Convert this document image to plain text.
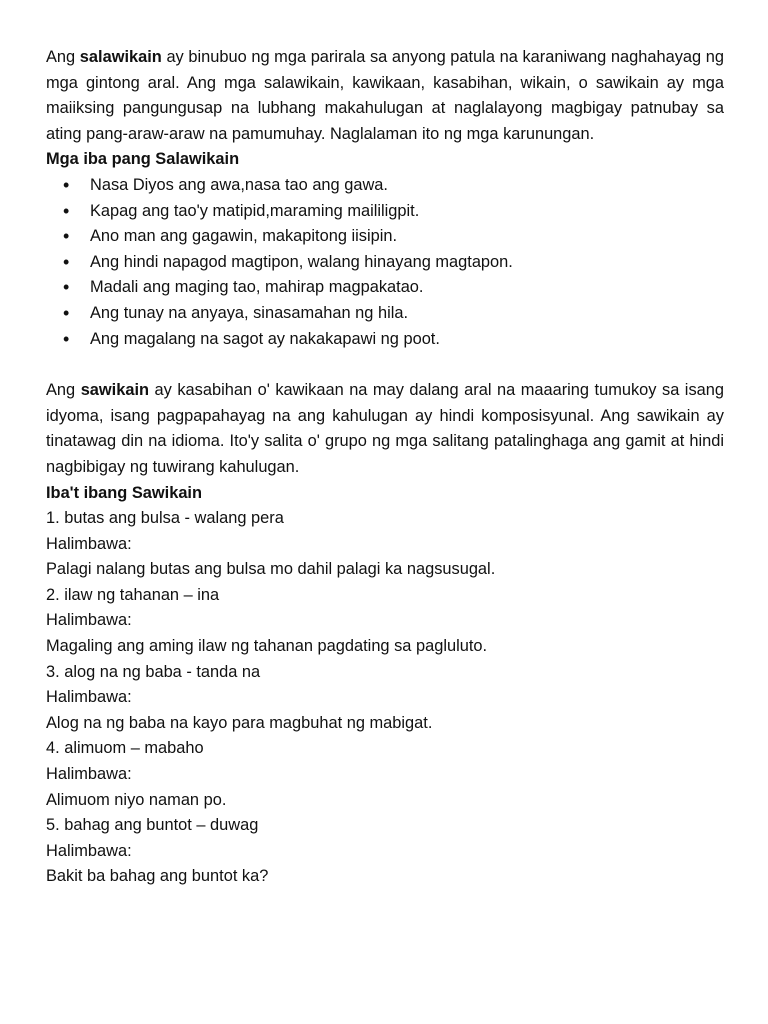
Ang salawikain ay binubuo ng mga parirala sa anyong patula na karaniwang naghahayag ng mga gintong aral. Ang mga salawikain, kawikaan, kasabihan, wikain, o sawikain ay mga maiiksing pangungusap na lubhang makahulugan at naglalayong magbigay patnubay sa ating pang-araw-araw na pamumuhay. Naglalaman ito ng mga karunungan.

Mga iba pang Salawikain

• Nasa Diyos ang awa,nasa tao ang gawa.
• Kapag ang tao'y matipid,maraming maililigpit.
• Ano man ang gagawin, makapitong iisipin.
• Ang hindi napagod magtipon, walang hinayang magtapon.
• Madali ang maging tao, mahirap magpakatao.
• Ang tunay na anyaya, sinasamahan ng hila.
• Ang magalang na sagot ay nakakapawi ng poot.

Ang sawikain ay kasabihan o' kawikaan na may dalang aral na maaaring tumukoy sa isang idyoma, isang pagpapahayag na ang kahulugan ay hindi komposisyunal. Ang sawikain ay tinatawag din na idioma. Ito'y salita o' grupo ng mga salitang patalinghaga ang gamit at hindi nagbibigay ng tuwirang kahulugan.

Iba't ibang Sawikain

1. butas ang bulsa - walang pera

Halimbawa:

Palagi nalang butas ang bulsa mo dahil palagi ka nagsusugal.

2. ilaw ng tahanan – ina

Halimbawa:

Magaling ang aming ilaw ng tahanan pagdating sa pagluluto.

3. alog na ng baba - tanda na

Halimbawa:

Alog na ng baba na kayo para magbuhat ng mabigat.

4. alimuom – mabaho

Halimbawa:

Alimuom niyo naman po.

5. bahag ang buntot – duwag

Halimbawa:

Bakit ba bahag ang buntot ka?
